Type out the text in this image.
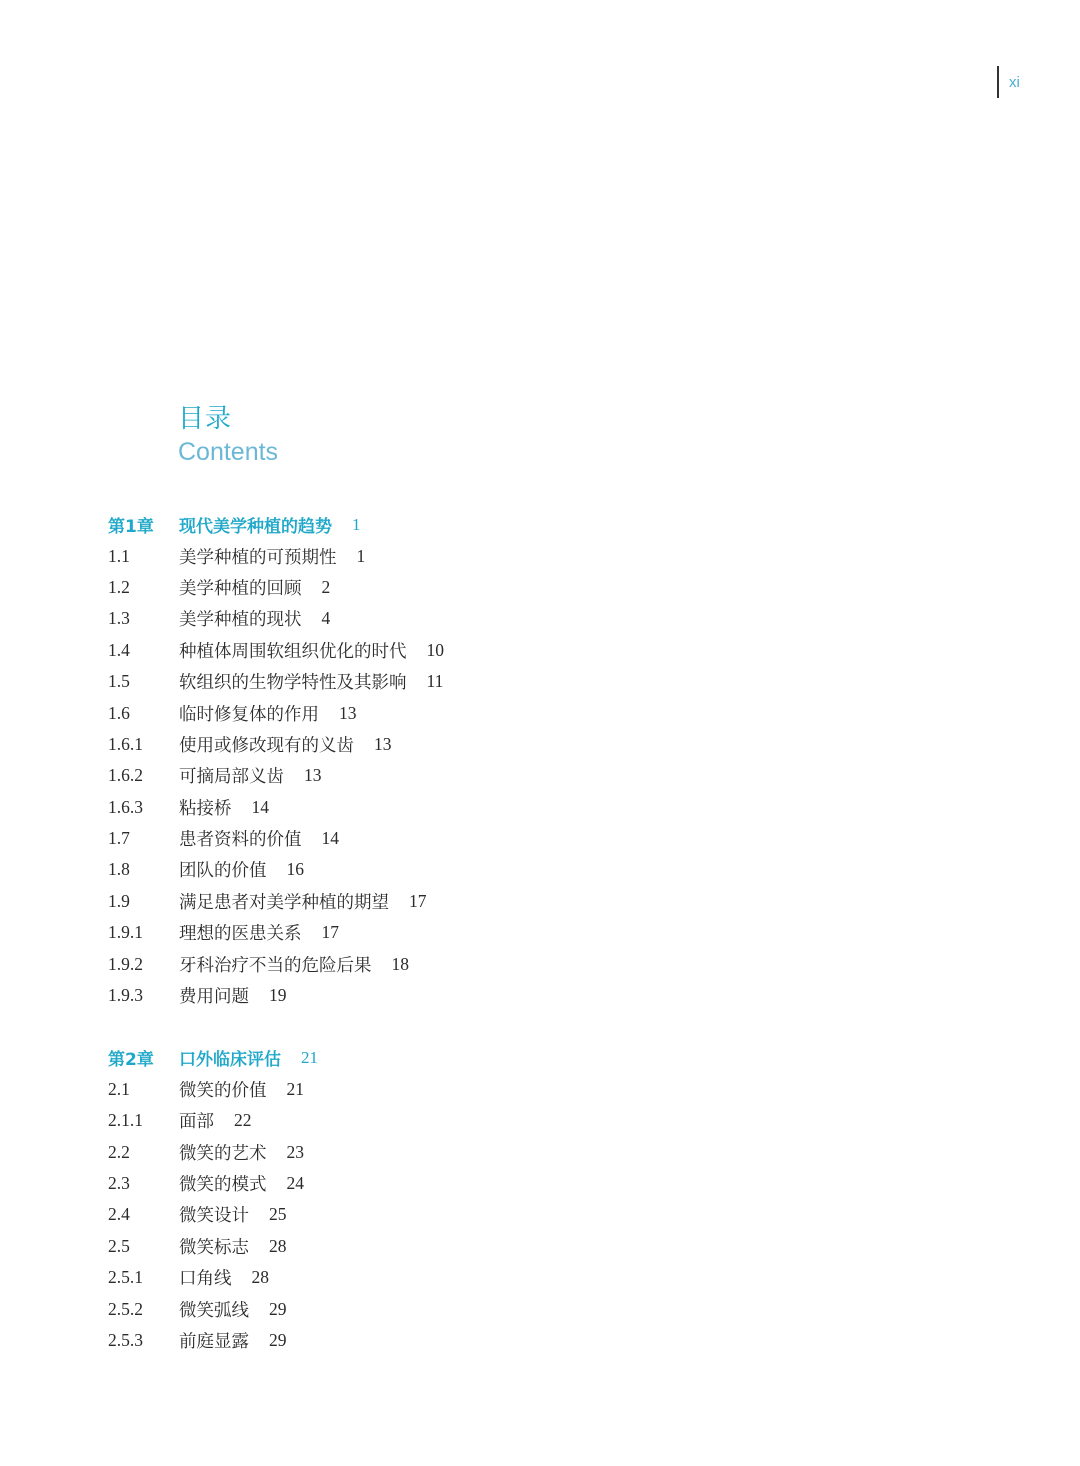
xi
目录
Contents
第1章	现代美学种植的趋势 1
1.1	美学种植的可预期性 1
1.2	美学种植的回顾 2
1.3	美学种植的现状 4
1.4	种植体周围软组织优化的时代 10
1.5	软组织的生物学特性及其影响 11
1.6	临时修复体的作用 13
1.6.1	使用或修改现有的义齿 13
1.6.2	可摘局部义齿 13
1.6.3	粘接桥 14
1.7	患者资料的价值 14
1.8	团队的价值 16
1.9	满足患者对美学种植的期望 17
1.9.1	理想的医患关系 17
1.9.2	牙科治疗不当的危险后果 18
1.9.3	费用问题 19
第2章	口外临床评估 21
2.1	微笑的价值 21
2.1.1	面部 22
2.2	微笑的艺术 23
2.3	微笑的模式 24
2.4	微笑设计 25
2.5	微笑标志 28
2.5.1	口角线 28
2.5.2	微笑弧线 29
2.5.3	前庭显露 29
